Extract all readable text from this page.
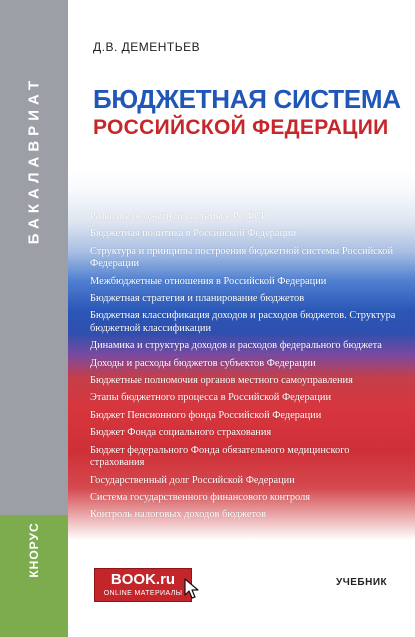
БАКАЛАВРИАТ
КНОРУС
Д.В. ДЕМЕНТЬЕВ
БЮДЖЕТНАЯ СИСТЕМА
РОССИЙСКОЙ ФЕДЕРАЦИИ
Развитие бюджетной системы в РСФСР
Бюджетная политика в Российской Федерации
Структура и принципы построения бюджетной системы Российской Федерации
Межбюджетные отношения в Российской Федерации
Бюджетная стратегия и планирование бюджетов
Бюджетная классификация доходов и расходов бюджетов. Структура бюджетной классификации
Динамика и структура доходов и расходов федерального бюджета
Доходы и расходы бюджетов субъектов Федерации
Бюджетные полномочия органов местного самоуправления
Этапы бюджетного процесса в Российской Федерации
Бюджет Пенсионного фонда Российской Федерации
Бюджет Фонда социального страхования
Бюджет федерального Фонда обязательного медицинского страхования
Государственный долг Российской Федерации
Система государственного финансового контроля
Контроль налоговых доходов бюджетов
BOOK.ru
ONLINE МАТЕРИАЛЫ
УЧЕБНИК
